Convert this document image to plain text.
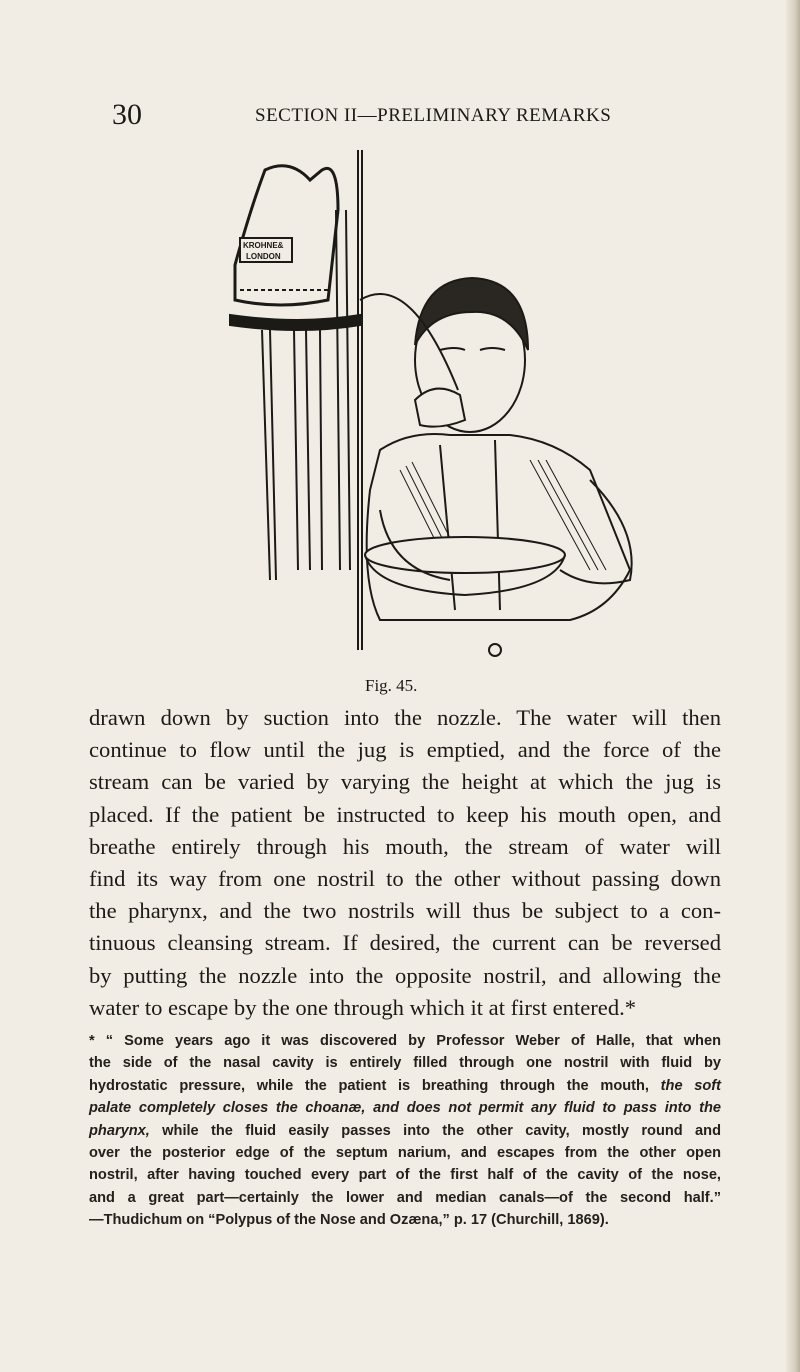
30	SECTION II—PRELIMINARY REMARKS
KROHNE&
LONDON
Fig. 45.
drawn down by suction into the nozzle. The water will then
continue to flow until the jug is emptied, and the force of the
stream can be varied by varying the height at which the jug is
placed. If the patient be instructed to keep his mouth open, and
breathe entirely through his mouth, the stream of water will
find its way from one nostril to the other without passing down
the pharynx, and the two nostrils will thus be subject to a con-
tinuous cleansing stream. If desired, the current can be reversed
by putting the nozzle into the opposite nostril, and allowing the
water to escape by the one through which it at first entered.*
* “ Some years ago it was discovered by Professor Weber of Halle, that when
the side of the nasal cavity is entirely filled through one nostril with fluid by
hydrostatic pressure, while the patient is breathing through the mouth, the soft
palate completely closes the choanæ, and does not permit any fluid to pass into the
pharynx, while the fluid easily passes into the other cavity, mostly round and
over the posterior edge of the septum narium, and escapes from the other open
nostril, after having touched every part of the first half of the cavity of the nose,
and a great part—certainly the lower and median canals—of the second half.”
—Thudichum on “Polypus of the Nose and Ozæna,” p. 17 (Churchill, 1869).
